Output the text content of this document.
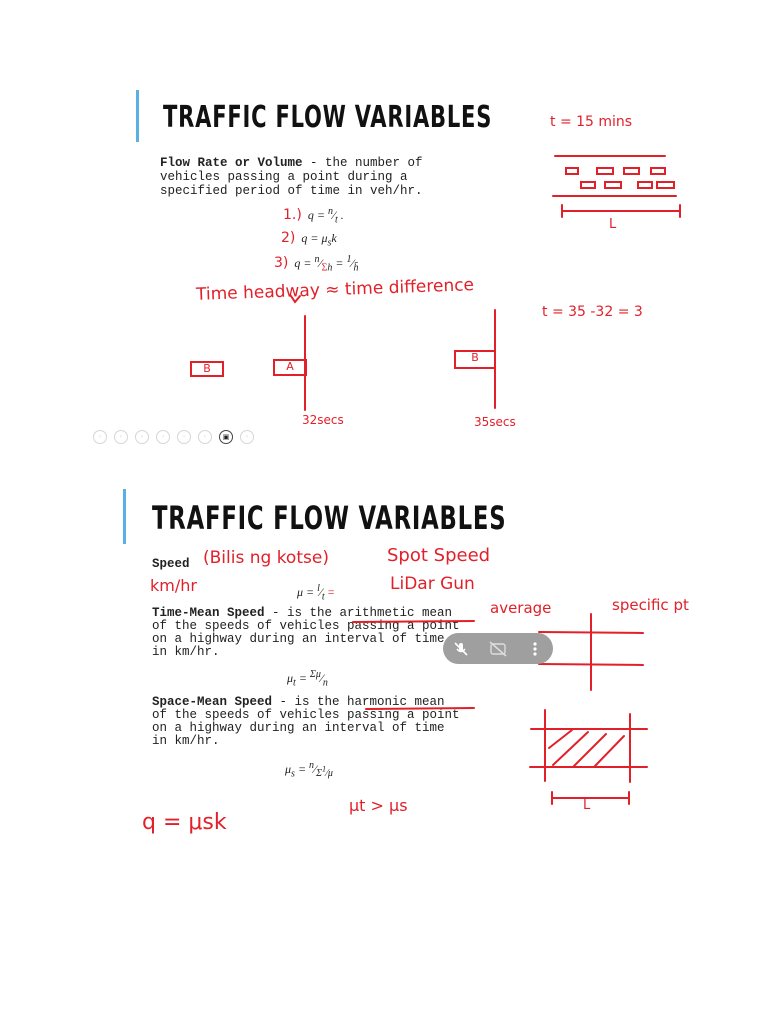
TRAFFIC FLOW VARIABLES
Flow Rate or Volume - the number of
vehicles passing a point during a
specified period of time in veh/hr.
1.)  $q = ^n⁄_t$ .
2)  $q = \mu_sk$
3)  $q = ^n⁄_{\Sigma h}$ = $^1⁄_{h̄}$
t = 15 mins
L
Time headway ≈ time difference
t = 35 -32 = 3
B	A
B
32secs	35secs
◦	◦	◦	◦	◦	◦	▣	◦
TRAFFIC FLOW VARIABLES
Speed
$\mu = ^l⁄_t$ =
Time-Mean Speed - is the arithmetic mean
of the speeds of vehicles passing a point
on a highway during an interval of time
in km/hr.
$\mu_t$ = $^{\Sigma\mu}⁄_n$
Space-Mean Speed - is the harmonic mean
of the speeds of vehicles passing a point
on a highway during an interval of time
in km/hr.
$\mu_s$ = $^n⁄_{\Sigma^1⁄\mu}$
(Bilis ng kotse)	Spot Speed
km/hr	LiDar Gun
average	specific pt
L
μt > μs
q = μsk
